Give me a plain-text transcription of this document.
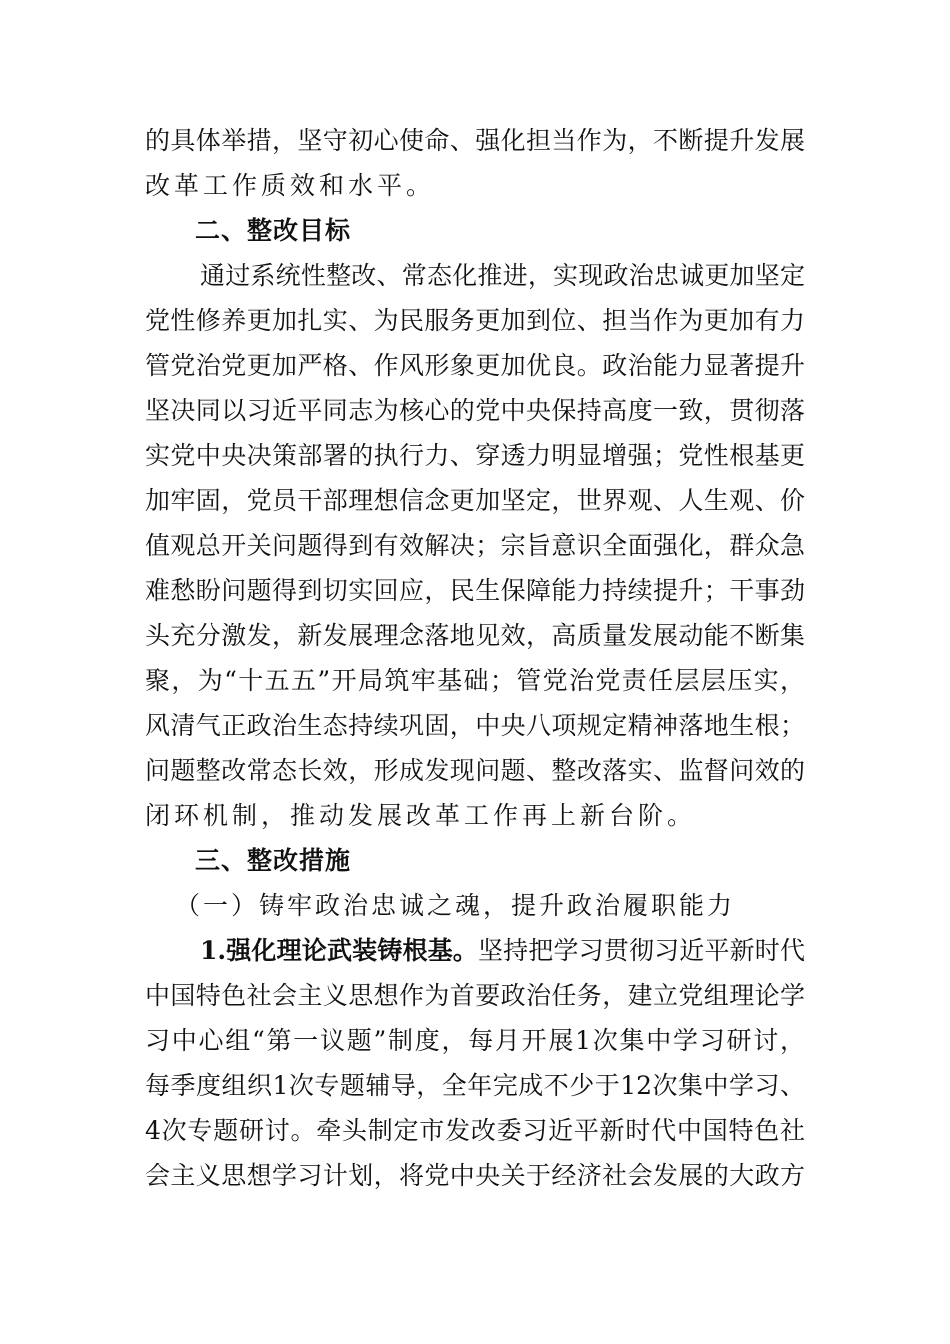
的具体举措，坚守初心使命、强化担当作为，不断提升发展
改革工作质效和水平。
二、整改目标
通过系统性整改、常态化推进，实现政治忠诚更加坚定
党性修养更加扎实、为民服务更加到位、担当作为更加有力
管党治党更加严格、作风形象更加优良。政治能力显著提升
坚决同以习近平同志为核心的党中央保持高度一致，贯彻落
实党中央决策部署的执行力、穿透力明显增强；党性根基更
加牢固，党员干部理想信念更加坚定，世界观、人生观、价
值观总开关问题得到有效解决；宗旨意识全面强化，群众急
难愁盼问题得到切实回应，民生保障能力持续提升；干事劲
头充分激发，新发展理念落地见效，高质量发展动能不断集
聚，为“十五五”开局筑牢基础；管党治党责任层层压实，
风清气正政治生态持续巩固，中央八项规定精神落地生根；
问题整改常态长效，形成发现问题、整改落实、监督问效的
闭环机制，推动发展改革工作再上新台阶。
三、整改措施
（一）铸牢政治忠诚之魂，提升政治履职能力
1.强化理论武装铸根基。坚持把学习贯彻习近平新时代
中国特色社会主义思想作为首要政治任务，建立党组理论学
习中心组“第一议题”制度，每月开展1次集中学习研讨，
每季度组织1次专题辅导，全年完成不少于12次集中学习、
4次专题研讨。牵头制定市发改委习近平新时代中国特色社
会主义思想学习计划，将党中央关于经济社会发展的大政方
